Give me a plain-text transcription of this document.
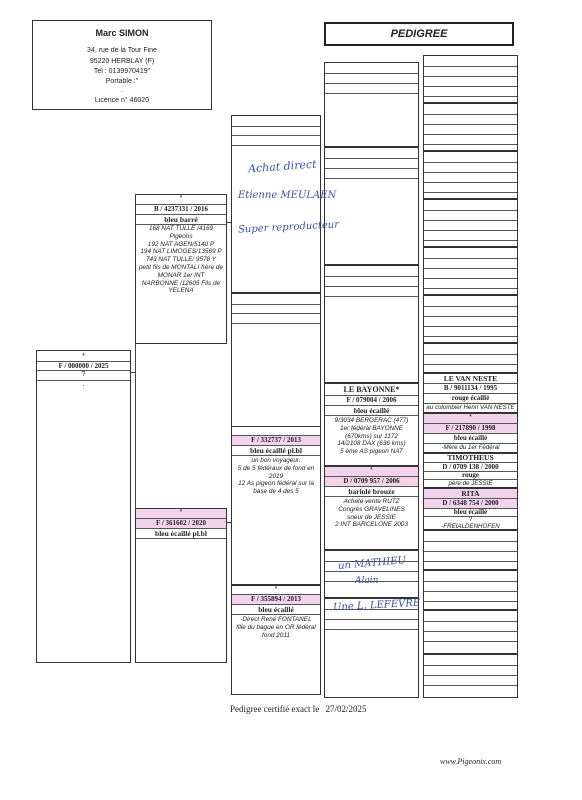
Marc SIMON
34, rue de la Tour Fine
95220 HERBLAY (F)
Tel : 0139970419"
Portable :"
.
Licence n° 46020
PEDIGREE
*
F / 000000 / 2025
?
.
*
B / 4237331 / 2016
bleu barré
168 NAT TULLE /4169 Pigeons
192 NAT AGEN/5140 P
194 NAT LIMOGES/13569 P
743 NAT TULLE/ 9578 Y
petit fils de MONTALI frère de MONAR 1er INT
NARBONNE /12605 Fils de YELENA
*
F / 361602 / 2020
bleu écaillé pl.bl
F / 332737 / 2013
bleu écaillé pl.bl
un bon voyageur.
5 de 5 fédéraux de fond en 2019
12 As pigeon fédéral sur la base de 4 des 5
*
F / 355894 / 2013
bleu écaillé
-Direct René FONTANEL
fille du bague en OR fédéral fond 2011
LE BAYONNE*
F / 079004 / 2006
bleu écaillé
9/3034 BERGERAC (477)
1er fédéral BAYONNE (670kms) sur 1172
14/2108 DAX (636 kms)
5 ème AS pigeon NAT
*
D / 0709 957 / 2006
bariolé brouze
Acheté vente RUTZ
Congrès GRAVELINES
soeur de JESSIE
2 INT BARCELONE 2003
LE VAN NESTE
B / 9011134 / 1995
rouge écaillé
au colombier Henri VAN NESTE
*
F / 217890 / 1998
bleu écaillé
-Mère du 1er Fédéral
TIMOTHEUS
D / 0709 138 / 2000
rouge
père de JESSIE
RITA
D / 6348 754 / 2000
bleu écaillé
?
-FREIALDENHOFEN
Achat direct
Etienne MEULAEN
Super reproducteur
un MATHIEU
Alain
Une L. LEFEVRE
Pedigree certifié exact le 27/02/2025
www.Pigeonix.com
